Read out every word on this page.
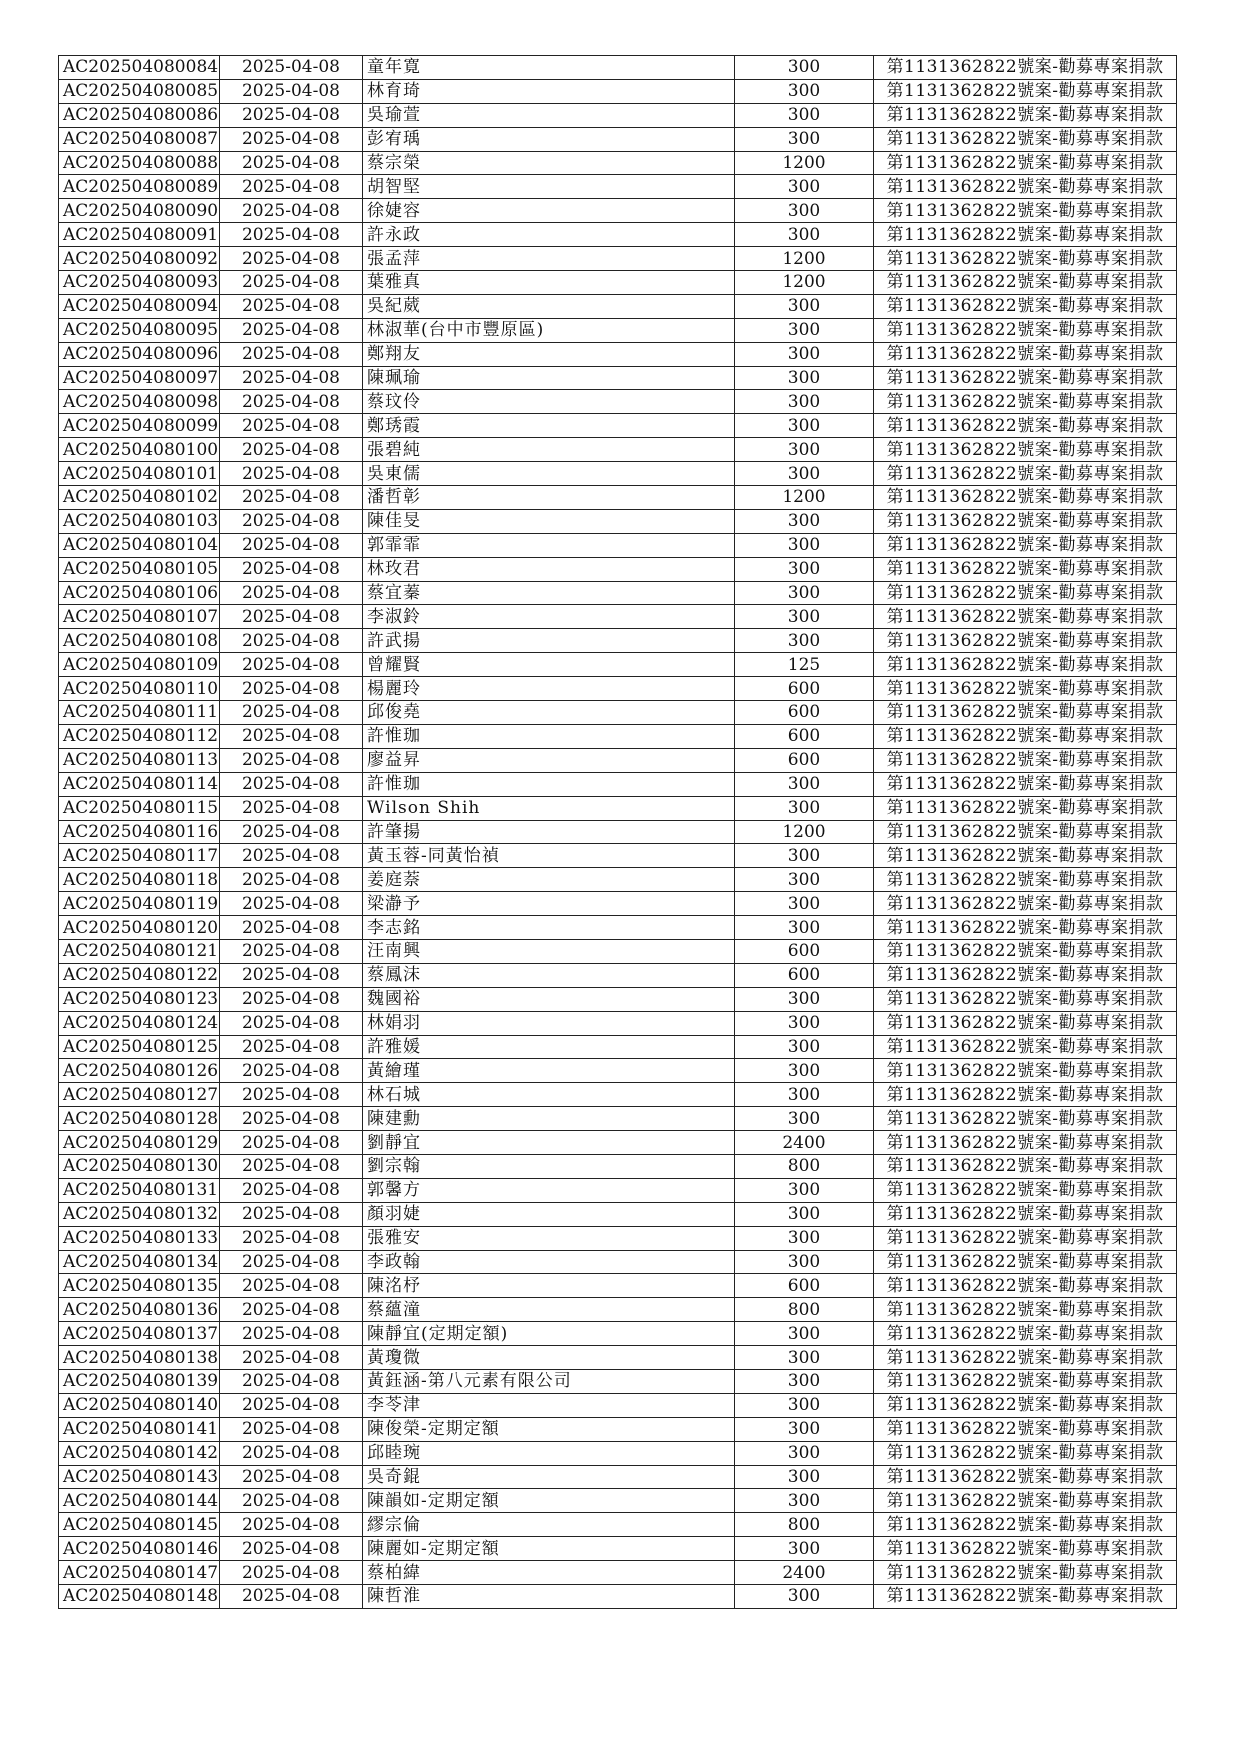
AC202504080084	2025-04-08	童年寛	300	第1131362822號案-勸募專案捐款
AC202504080085	2025-04-08	林育琦	300	第1131362822號案-勸募專案捐款
AC202504080086	2025-04-08	吳瑜萱	300	第1131362822號案-勸募專案捐款
AC202504080087	2025-04-08	彭宥瑀	300	第1131362822號案-勸募專案捐款
AC202504080088	2025-04-08	蔡宗榮	1200	第1131362822號案-勸募專案捐款
AC202504080089	2025-04-08	胡智堅	300	第1131362822號案-勸募專案捐款
AC202504080090	2025-04-08	徐婕容	300	第1131362822號案-勸募專案捐款
AC202504080091	2025-04-08	許永政	300	第1131362822號案-勸募專案捐款
AC202504080092	2025-04-08	張孟萍	1200	第1131362822號案-勸募專案捐款
AC202504080093	2025-04-08	葉雅真	1200	第1131362822號案-勸募專案捐款
AC202504080094	2025-04-08	吳紀葳	300	第1131362822號案-勸募專案捐款
AC202504080095	2025-04-08	林淑華(台中市豐原區)	300	第1131362822號案-勸募專案捐款
AC202504080096	2025-04-08	鄭翔友	300	第1131362822號案-勸募專案捐款
AC202504080097	2025-04-08	陳珮瑜	300	第1131362822號案-勸募專案捐款
AC202504080098	2025-04-08	蔡玟伶	300	第1131362822號案-勸募專案捐款
AC202504080099	2025-04-08	鄭琇霞	300	第1131362822號案-勸募專案捐款
AC202504080100	2025-04-08	張碧純	300	第1131362822號案-勸募專案捐款
AC202504080101	2025-04-08	吳東儒	300	第1131362822號案-勸募專案捐款
AC202504080102	2025-04-08	潘哲彰	1200	第1131362822號案-勸募專案捐款
AC202504080103	2025-04-08	陳佳旻	300	第1131362822號案-勸募專案捐款
AC202504080104	2025-04-08	郭霏霏	300	第1131362822號案-勸募專案捐款
AC202504080105	2025-04-08	林玫君	300	第1131362822號案-勸募專案捐款
AC202504080106	2025-04-08	蔡宜蓁	300	第1131362822號案-勸募專案捐款
AC202504080107	2025-04-08	李淑鈴	300	第1131362822號案-勸募專案捐款
AC202504080108	2025-04-08	許武揚	300	第1131362822號案-勸募專案捐款
AC202504080109	2025-04-08	曾耀賢	125	第1131362822號案-勸募專案捐款
AC202504080110	2025-04-08	楊麗玲	600	第1131362822號案-勸募專案捐款
AC202504080111	2025-04-08	邱俊堯	600	第1131362822號案-勸募專案捐款
AC202504080112	2025-04-08	許惟珈	600	第1131362822號案-勸募專案捐款
AC202504080113	2025-04-08	廖益昇	600	第1131362822號案-勸募專案捐款
AC202504080114	2025-04-08	許惟珈	300	第1131362822號案-勸募專案捐款
AC202504080115	2025-04-08	Wilson Shih	300	第1131362822號案-勸募專案捐款
AC202504080116	2025-04-08	許肇揚	1200	第1131362822號案-勸募專案捐款
AC202504080117	2025-04-08	黃玉蓉-同黃怡禎	300	第1131362822號案-勸募專案捐款
AC202504080118	2025-04-08	姜庭萘	300	第1131362822號案-勸募專案捐款
AC202504080119	2025-04-08	梁瀞予	300	第1131362822號案-勸募專案捐款
AC202504080120	2025-04-08	李志銘	300	第1131362822號案-勸募專案捐款
AC202504080121	2025-04-08	汪南興	600	第1131362822號案-勸募專案捐款
AC202504080122	2025-04-08	蔡鳳沫	600	第1131362822號案-勸募專案捐款
AC202504080123	2025-04-08	魏國裕	300	第1131362822號案-勸募專案捐款
AC202504080124	2025-04-08	林娟羽	300	第1131362822號案-勸募專案捐款
AC202504080125	2025-04-08	許雅媛	300	第1131362822號案-勸募專案捐款
AC202504080126	2025-04-08	黃繪瑾	300	第1131362822號案-勸募專案捐款
AC202504080127	2025-04-08	林石城	300	第1131362822號案-勸募專案捐款
AC202504080128	2025-04-08	陳建勳	300	第1131362822號案-勸募專案捐款
AC202504080129	2025-04-08	劉靜宜	2400	第1131362822號案-勸募專案捐款
AC202504080130	2025-04-08	劉宗翰	800	第1131362822號案-勸募專案捐款
AC202504080131	2025-04-08	郭馨方	300	第1131362822號案-勸募專案捐款
AC202504080132	2025-04-08	顏羽婕	300	第1131362822號案-勸募專案捐款
AC202504080133	2025-04-08	張雅安	300	第1131362822號案-勸募專案捐款
AC202504080134	2025-04-08	李政翰	300	第1131362822號案-勸募專案捐款
AC202504080135	2025-04-08	陳洺杼	600	第1131362822號案-勸募專案捐款
AC202504080136	2025-04-08	蔡蘊潼	800	第1131362822號案-勸募專案捐款
AC202504080137	2025-04-08	陳靜宜(定期定額)	300	第1131362822號案-勸募專案捐款
AC202504080138	2025-04-08	黃瓊微	300	第1131362822號案-勸募專案捐款
AC202504080139	2025-04-08	黃鈺涵-第八元素有限公司	300	第1131362822號案-勸募專案捐款
AC202504080140	2025-04-08	李苓津	300	第1131362822號案-勸募專案捐款
AC202504080141	2025-04-08	陳俊榮-定期定額	300	第1131362822號案-勸募專案捐款
AC202504080142	2025-04-08	邱睦琬	300	第1131362822號案-勸募專案捐款
AC202504080143	2025-04-08	吳奇錕	300	第1131362822號案-勸募專案捐款
AC202504080144	2025-04-08	陳韻如-定期定額	300	第1131362822號案-勸募專案捐款
AC202504080145	2025-04-08	繆宗倫	800	第1131362822號案-勸募專案捐款
AC202504080146	2025-04-08	陳麗如-定期定額	300	第1131362822號案-勸募專案捐款
AC202504080147	2025-04-08	蔡柏緯	2400	第1131362822號案-勸募專案捐款
AC202504080148	2025-04-08	陳哲淮	300	第1131362822號案-勸募專案捐款
